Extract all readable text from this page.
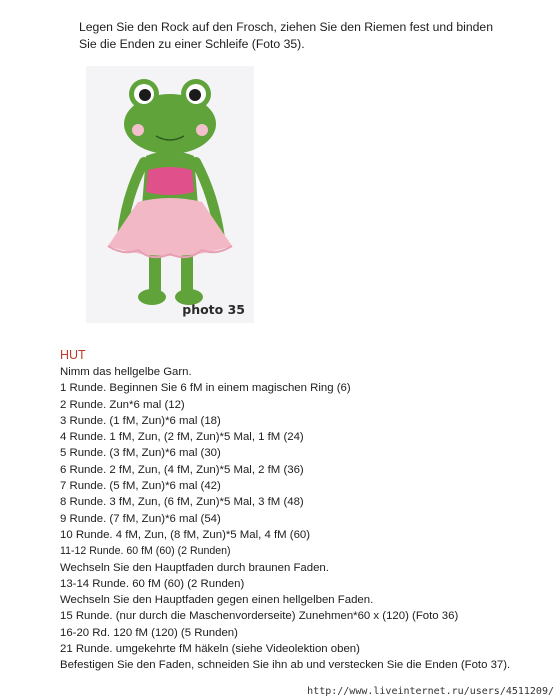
Legen Sie den Rock auf den Frosch, ziehen Sie den Riemen fest und binden

Sie die Enden zu einer Schleife (Foto 35).

photo 35
HUT
Nimm das hellgelbe Garn.
1 Runde. Beginnen Sie 6 fM in einem magischen Ring (6)
2 Runde. Zun*6 mal (12)
3 Runde. (1 fM, Zun)*6 mal (18)
4 Runde. 1 fM, Zun, (2 fM, Zun)*5 Mal, 1 fM (24)
5 Runde. (3 fM, Zun)*6 mal (30)
6 Runde. 2 fM, Zun, (4 fM, Zun)*5 Mal, 2 fM (36)
7 Runde. (5 fM, Zun)*6 mal (42)
8 Runde. 3 fM, Zun, (6 fM, Zun)*5 Mal, 3 fM (48)
9 Runde. (7 fM, Zun)*6 mal (54)
10 Runde. 4 fM, Zun, (8 fM, Zun)*5 Mal, 4 fM (60)
11-12 Runde. 60 fM (60) (2 Runden)
Wechseln Sie den Hauptfaden durch braunen Faden.
13-14 Runde. 60 fM (60) (2 Runden)
Wechseln Sie den Hauptfaden gegen einen hellgelben Faden.
15 Runde. (nur durch die Maschenvorderseite) Zunehmen*60 x (120) (Foto 36)
16-20 Rd. 120 fM (120) (5 Runden)
21 Runde. umgekehrte fM häkeln (siehe Videolektion oben)
Befestigen Sie den Faden, schneiden Sie ihn ab und verstecken Sie die Enden (Foto 37).
http://www.liveinternet.ru/users/4511209/
